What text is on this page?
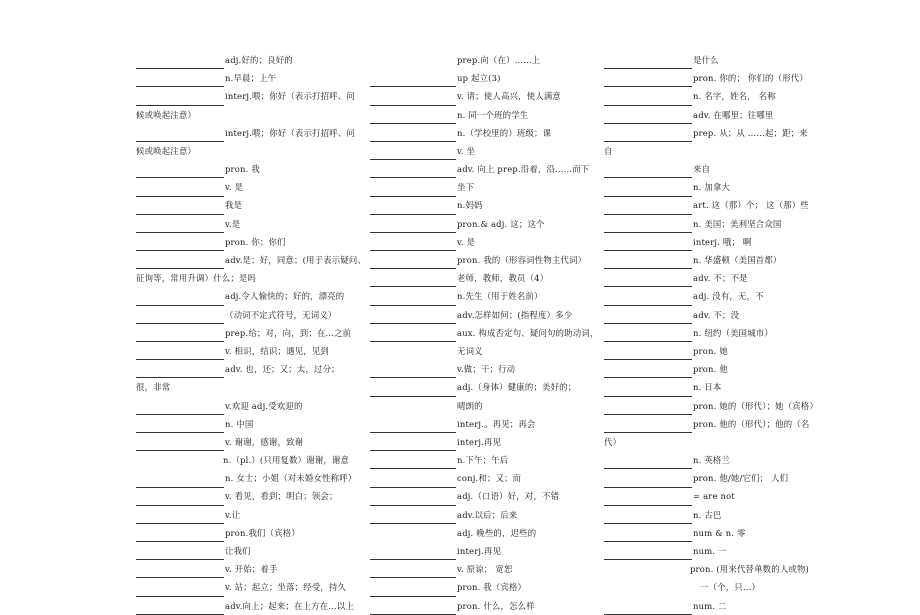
adj.好的；良好的
n.早晨；上午
interj.喂；你好（表示打招呼、问
候或唤起注意）
interj.喂；你好（表示打招呼、问
候或唤起注意）
pron. 我
v. 是
我是
v.是
pron. 你；你们
adv.是；好，同意；(用于表示疑问、
征询等，常用升调）什么；是吗
adj.令人愉快的；好的，漂亮的
（动词不定式符号，无词义）
prep.给；对，向，到；在…之前
v. 相识，结识；遇见，见到
adv. 也，还；又；太，过分；
很，非常
v.欢迎 adj.受欢迎的
n. 中国
v. 谢谢，感谢，致谢
n.（pl.）(只用复数）谢谢，谢意
n. 女士；小姐（对未婚女性称呼）
v. 看见，看到；明白；领会；
v.让
pron.我们（宾格）
让我们
v. 开始；着手
v. 站；起立；坐落；经受，持久
adv.向上；起来；在上方在…以上
prep.向（在）……上
up 起立(3)
v. 请；使人高兴，使人满意
n. 同一个班的学生
n.（学校里的）班级；课
v. 坐
adv. 向上 prep.沿着，沿……而下
坐下
n.妈妈
pron.& adj. 这；这个
v. 是
pron. 我的（形容词性物主代词）
老师，教师，教员（4）
n.先生（用于姓名前）
adv.怎样如何；(指程度）多少
aux. 构成否定句、疑问句的助动词，
无词义
v.做；干；行动
adj.（身体）健康的；美好的；
晴朗的
interj.。再见；再会
interj.再见
n.下午；午后
conj.和；又；而
adj.（口语）好，对，不错
adv.以后；后来
adj. 晚些的，迟些的
interj.再见
v. 原谅； 宽恕
pron. 我（宾格）
pron. 什么，怎么样
是什么
pron. 你的； 你们的（形代）
n. 名字，姓名， 名称
adv. 在哪里；往哪里
prep. 从；从 ……起；距；来
自
来自
n. 加拿大
art. 这（那）个； 这（那）些
n. 美国；美利坚合众国
interj. 哦； 啊
n. 华盛顿（美国首都）
adv. 不；不是
adj. 没有，无，不
adv. 不；没
n. 纽约（美国城市）
pron. 她
pron. 他
n. 日本
pron. 她的（形代）；她（宾格）
pron. 他的（形代）；他的（名
代）
n. 英格兰
pron. 他/她/它们； 人们
= are not
n. 古巴
num & n. 零
num. 一
pron. (用来代替单数的人或物)
一（个，只…）
num. 二
